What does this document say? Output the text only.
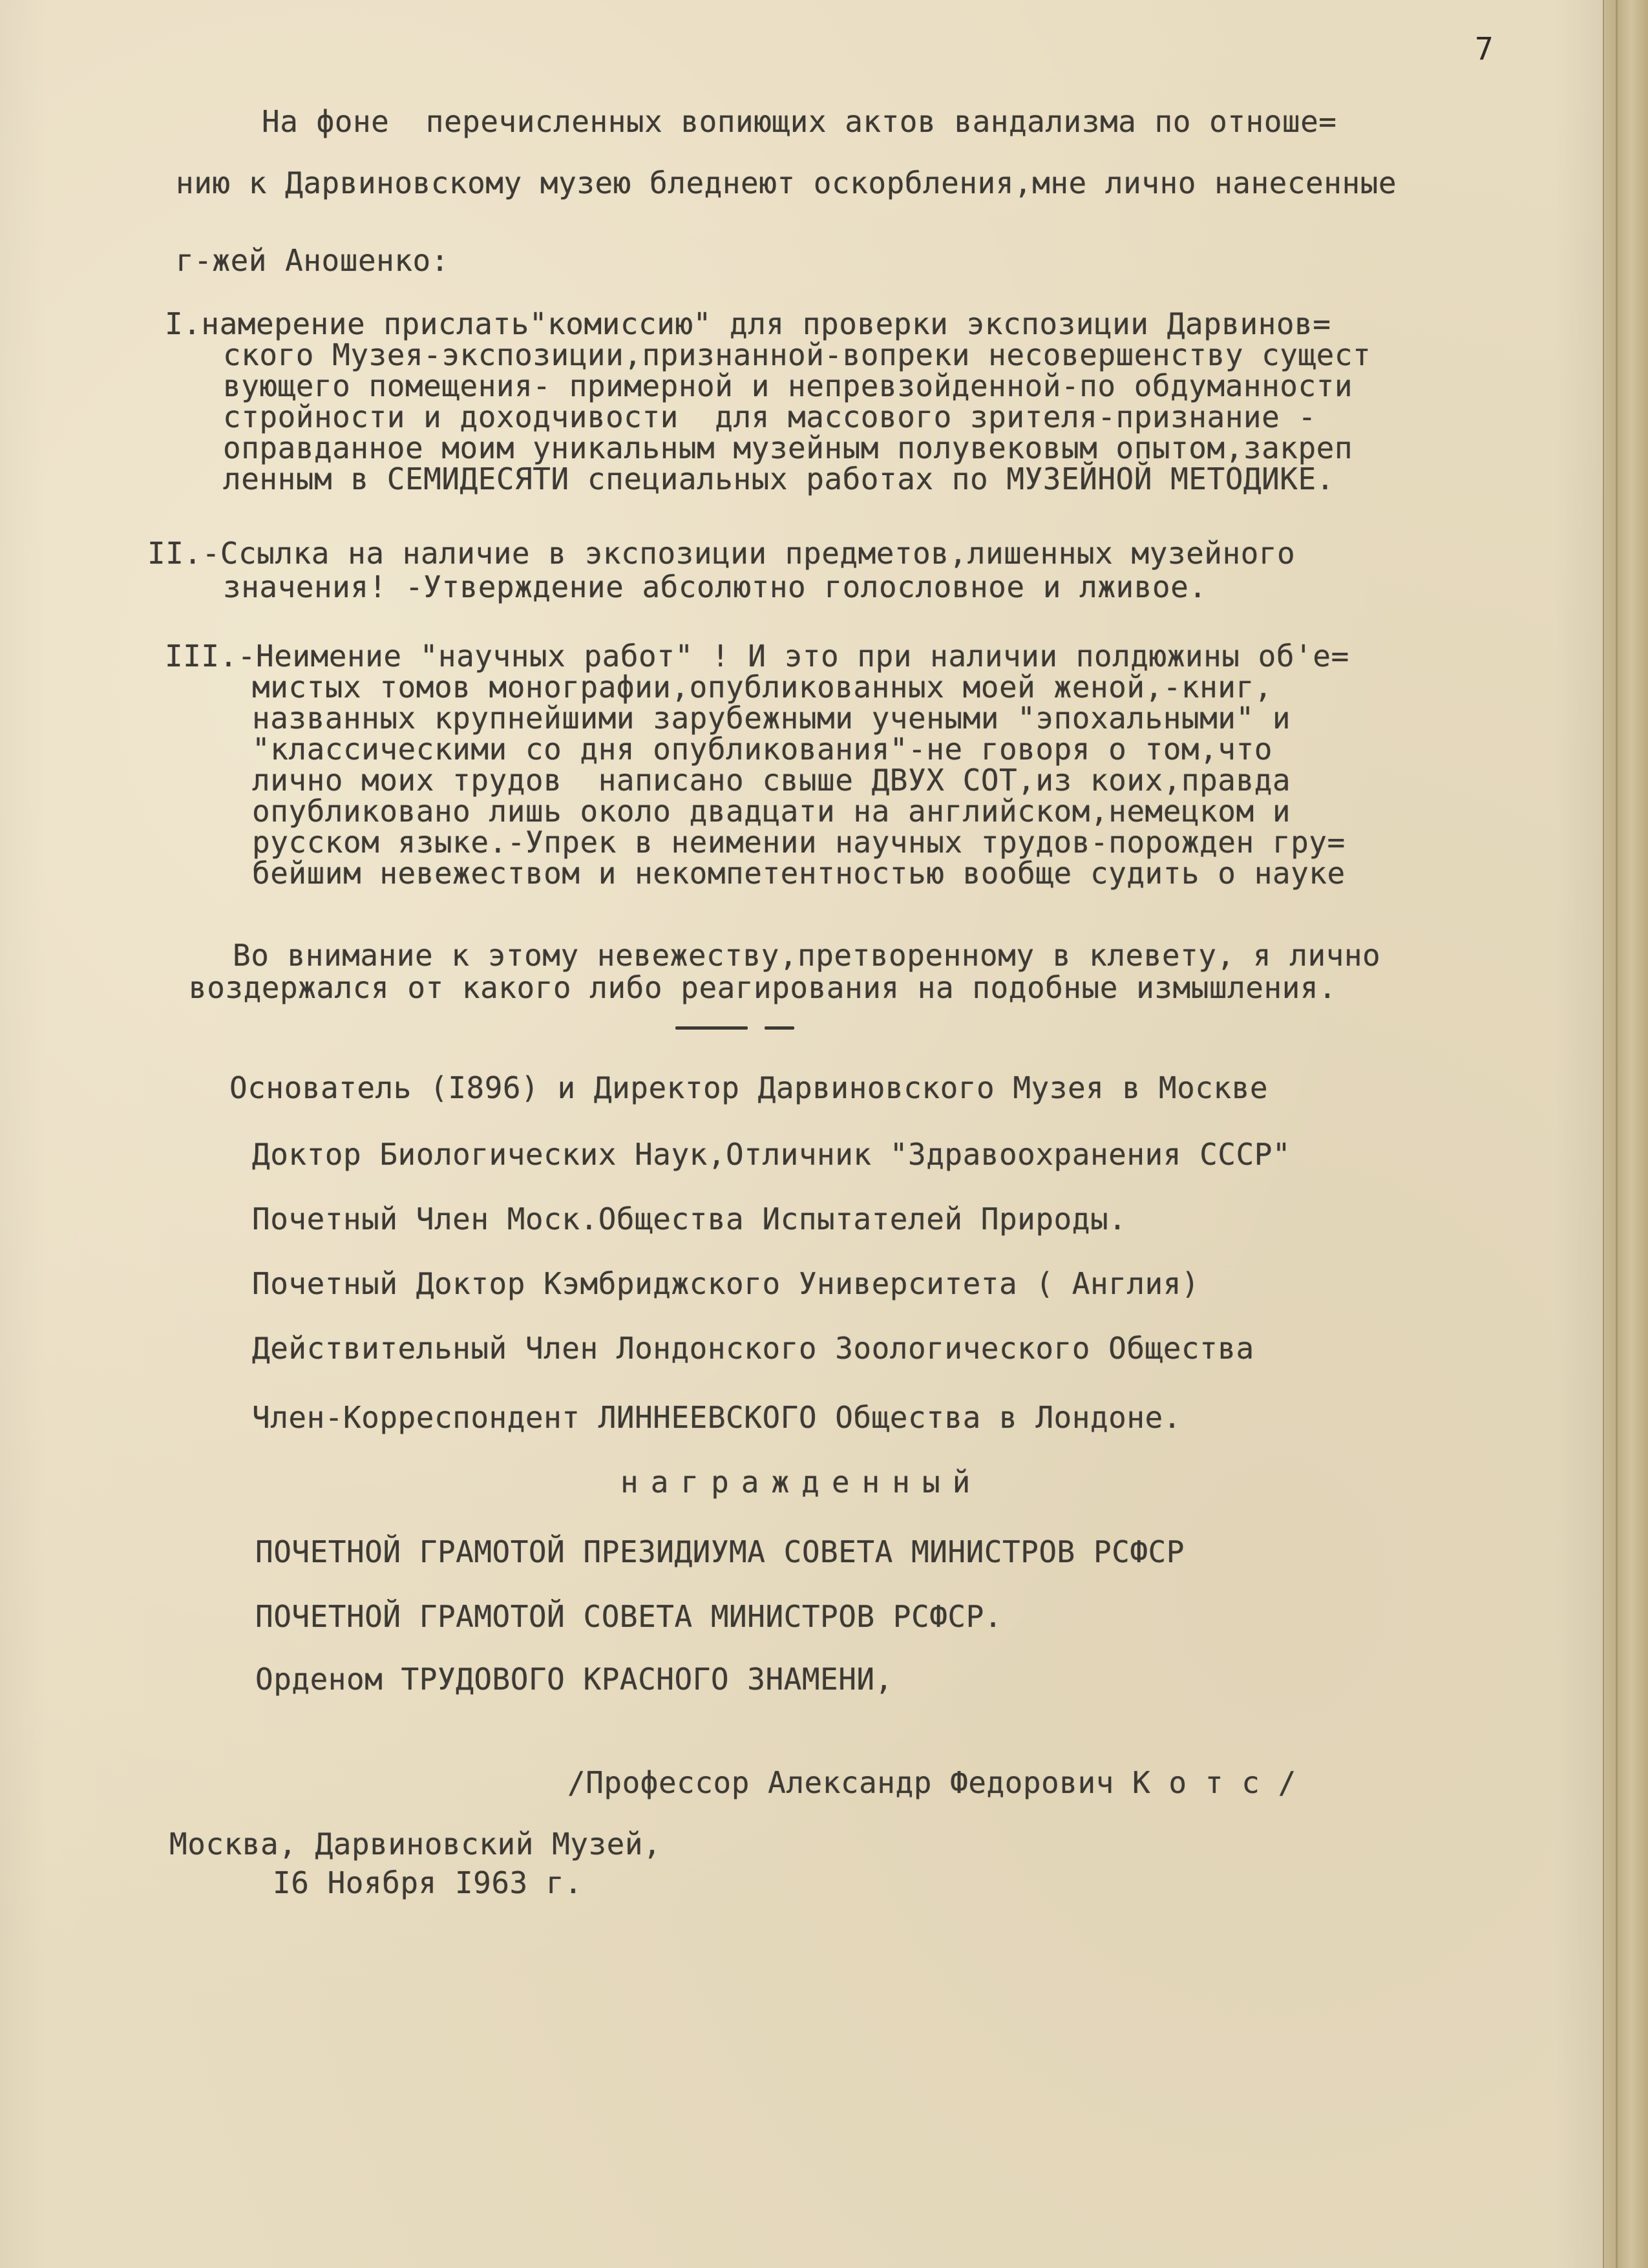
7

На фоне  перечисленных вопиющих актов вандализма по отноше=

нию к Дарвиновскому музею бледнеют оскорбления,мне лично нанесенные

г-жей Аношенко:

I.намерение прислать"комиссию" для проверки экспозиции Дарвинов=

ского Музея-экспозиции,признанной-вопреки несовершенству сущест

вующего помещения- примерной и непревзойденной-по обдуманности

стройности и доходчивости  для массового зрителя-признание -

оправданное моим уникальным музейным полувековым опытом,закреп

ленным в СЕМИДЕСЯТИ специальных работах по МУЗЕЙНОЙ МЕТОДИКЕ.

II.-Ссылка на наличие в экспозиции предметов,лишенных музейного

значения! -Утверждение абсолютно голословное и лживое.

III.-Неимение "научных работ" ! И это при наличии полдюжины об'е=

мистых томов монографии,опубликованных моей женой,-книг,

названных крупнейшими зарубежными учеными "эпохальными" и

"классическими со дня опубликования"-не говоря о том,что

лично моих трудов  написано свыше ДВУХ СОТ,из коих,правда

опубликовано лишь около двадцати на английском,немецком и

русском языке.-Упрек в неимении научных трудов-порожден гру=

бейшим невежеством и некомпетентностью вообще судить о науке

Во внимание к этому невежеству,претворенному в клевету, я лично

воздержался от какого либо реагирования на подобные измышления.

Основатель (I896) и Директор Дарвиновского Музея в Москве

Доктор Биологических Наук,Отличник "Здравоохранения СССР"

Почетный Член Моск.Общества Испытателей Природы.

Почетный Доктор Кэмбриджского Университета ( Англия)

Действительный Член Лондонского Зоологического Общества

Член-Корреспондент ЛИННЕЕВСКОГО Общества в Лондоне.

награжденный

ПОЧЕТНОЙ ГРАМОТОЙ ПРЕЗИДИУМА СОВЕТА МИНИСТРОВ РСФСР

ПОЧЕТНОЙ ГРАМОТОЙ СОВЕТА МИНИСТРОВ РСФСР.

Орденом ТРУДОВОГО КРАСНОГО ЗНАМЕНИ,

/Профессор Александр Федорович К о т с /

Москва, Дарвиновский Музей,

I6 Ноября I963 г.
